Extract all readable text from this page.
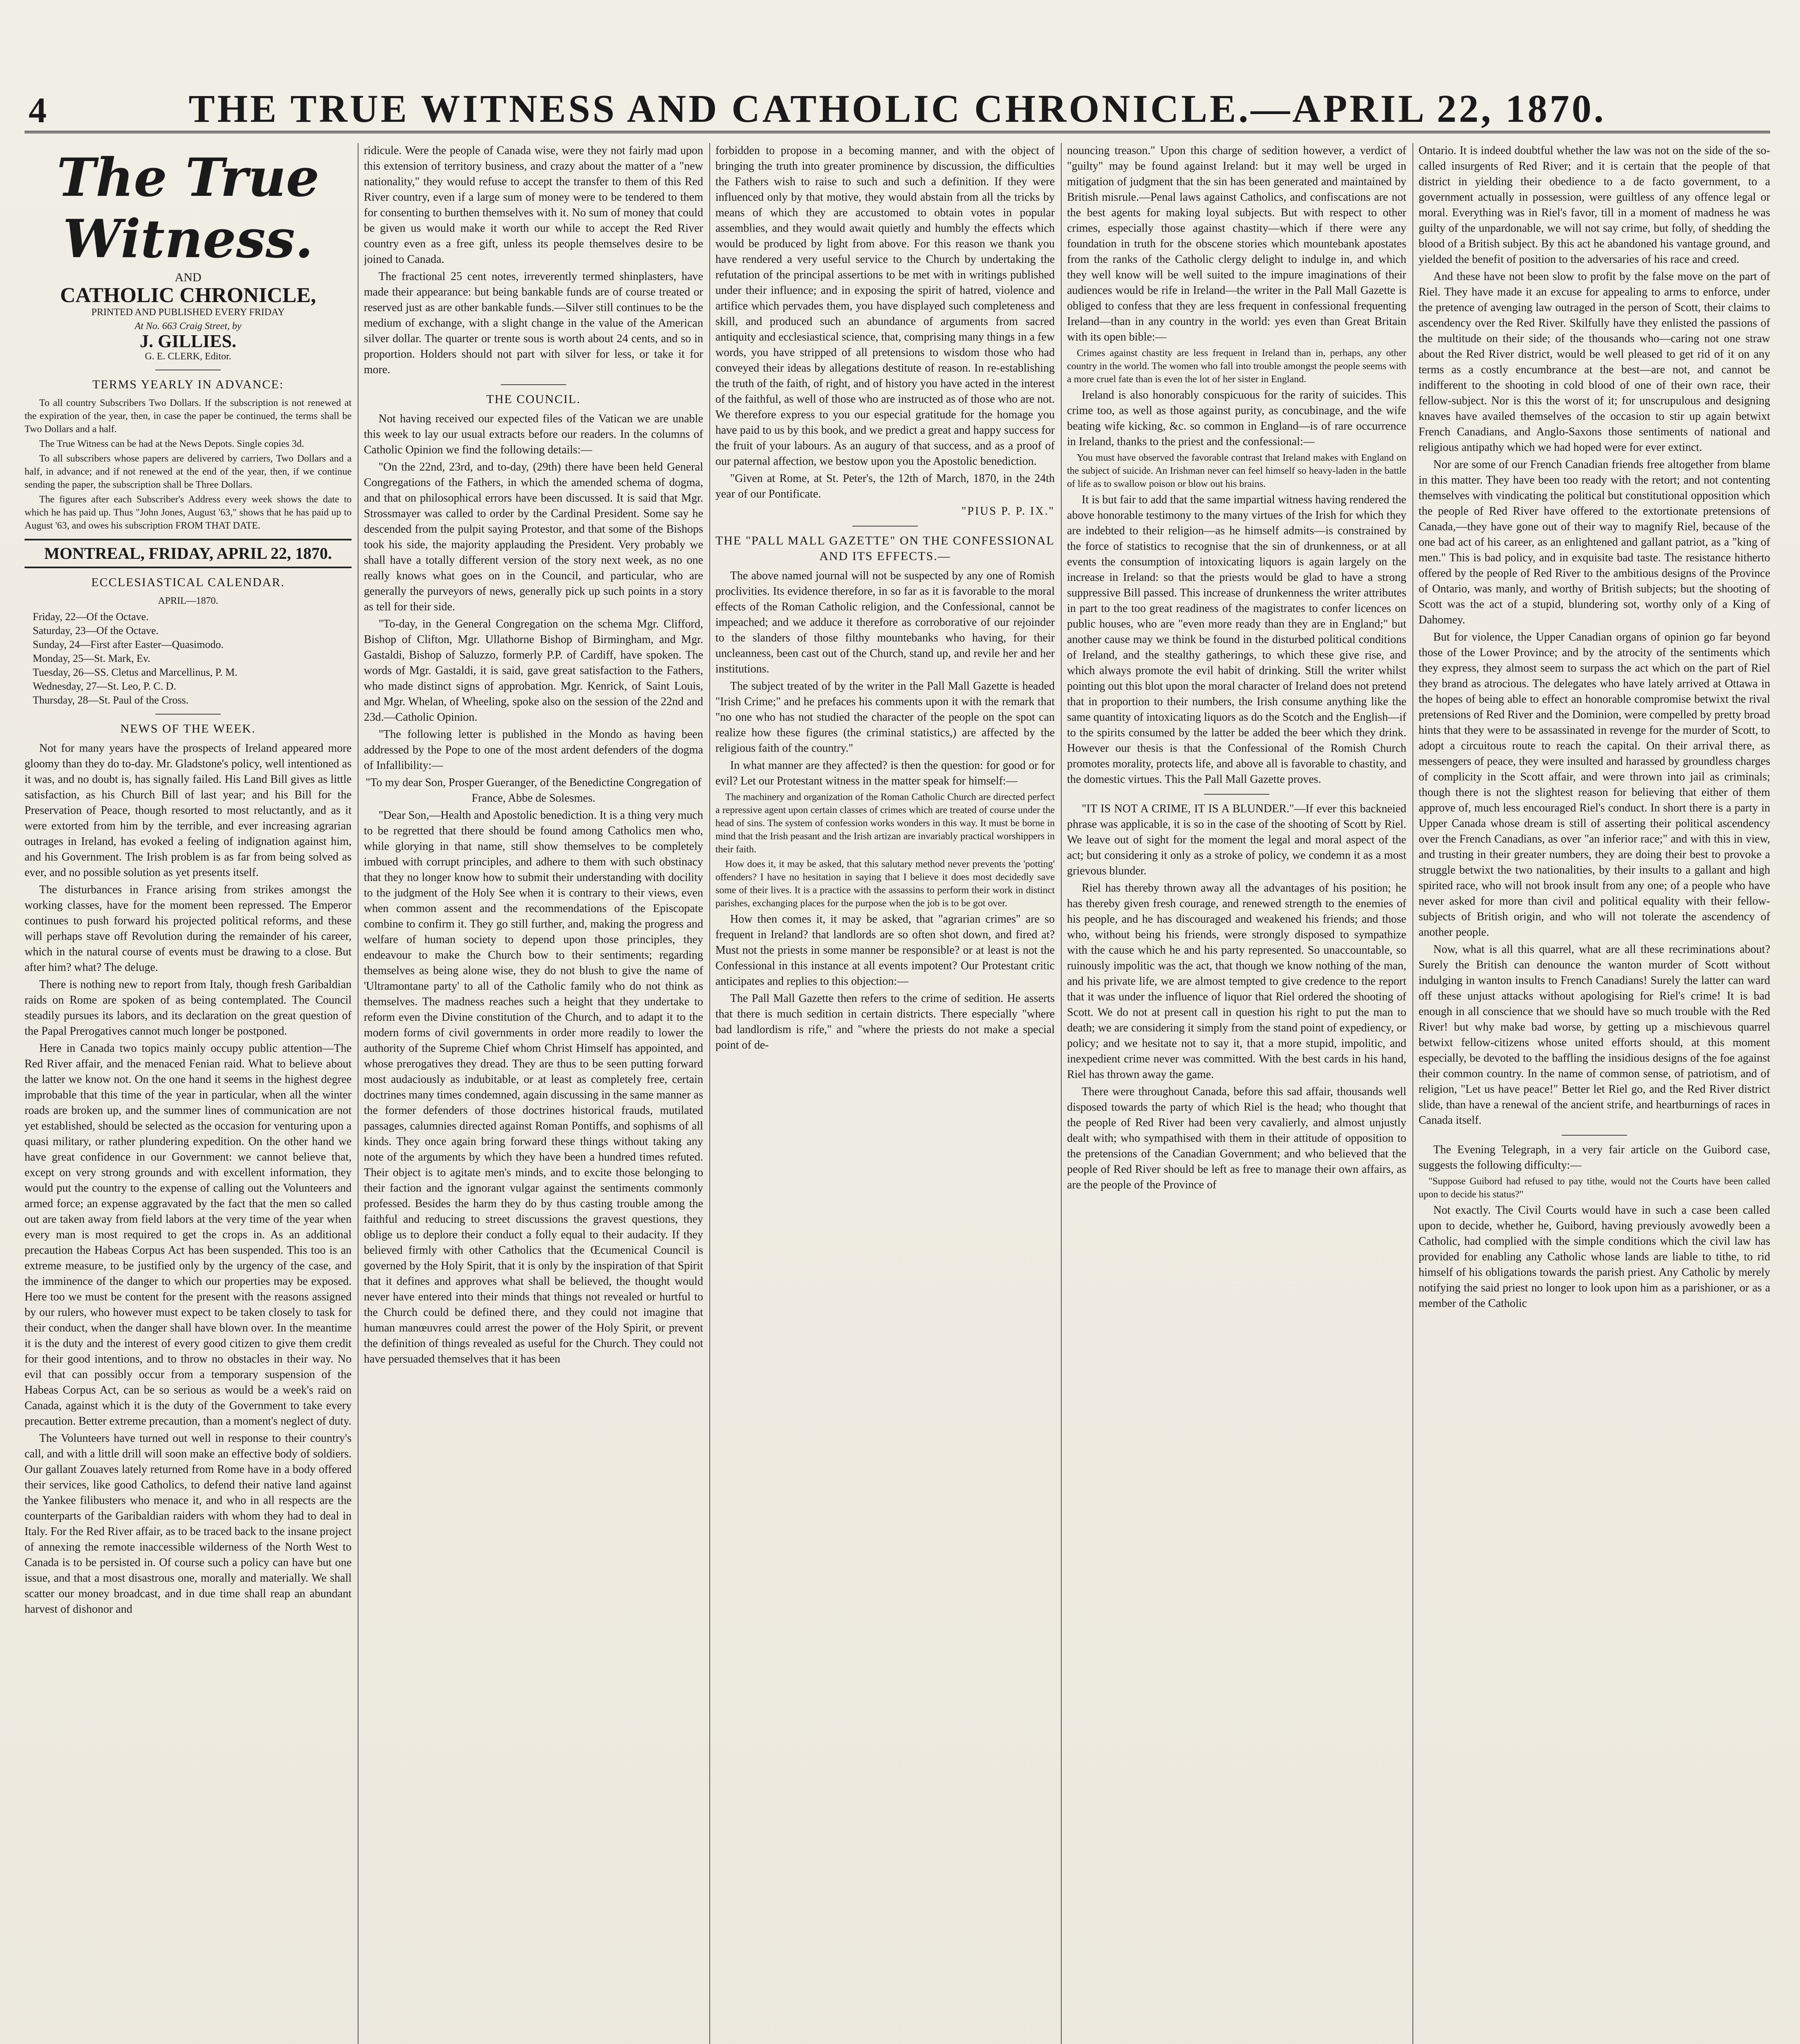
4	THE TRUE WITNESS AND CATHOLIC CHRONICLE.—APRIL 22, 1870.
The True Witness.
AND
CATHOLIC CHRONICLE,

PRINTED AND PUBLISHED EVERY FRIDAY

At No. 663 Craig Street, by

J. GILLIES.

G. E. CLERK, Editor.

TERMS YEARLY IN ADVANCE:

To all country Subscribers Two Dollars. If the subscription is not renewed at the expiration of the year, then, in case the paper be continued, the terms shall be Two Dollars and a half.

The True Witness can be had at the News Depots. Single copies 3d.

To all subscribers whose papers are delivered by carriers, Two Dollars and a half, in advance; and if not renewed at the end of the year, then, if we continue sending the paper, the subscription shall be Three Dollars.

The figures after each Subscriber's Address every week shows the date to which he has paid up. Thus "John Jones, August '63," shows that he has paid up to August '63, and owes his subscription FROM THAT DATE.

MONTREAL, FRIDAY, APRIL 22, 1870.
ECCLESIASTICAL CALENDAR.

APRIL—1870.

Friday, 22—Of the Octave.
Saturday, 23—Of the Octave.
Sunday, 24—First after Easter—Quasimodo.
Monday, 25—St. Mark, Ev.
Tuesday, 26—SS. Cletus and Marcellinus, P. M.
Wednesday, 27—St. Leo, P. C. D.
Thursday, 28—St. Paul of the Cross.
NEWS OF THE WEEK.

Not for many years have the prospects of Ireland appeared more gloomy than they do to-day. Mr. Gladstone's policy, well intentioned as it was, and no doubt is, has signally failed. His Land Bill gives as little satisfaction, as his Church Bill of last year; and his Bill for the Preservation of Peace, though resorted to most reluctantly, and as it were extorted from him by the terrible, and ever increasing agrarian outrages in Ireland, has evoked a feeling of indignation against him, and his Government. The Irish problem is as far from being solved as ever, and no possible solution as yet presents itself.

The disturbances in France arising from strikes amongst the working classes, have for the moment been repressed. The Emperor continues to push forward his projected political reforms, and these will perhaps stave off Revolution during the remainder of his career, which in the natural course of events must be drawing to a close. But after him? what? The deluge.

There is nothing new to report from Italy, though fresh Garibaldian raids on Rome are spoken of as being contemplated. The Council steadily pursues its labors, and its declaration on the great question of the Papal Prerogatives cannot much longer be postponed.

Here in Canada two topics mainly occupy public attention—The Red River affair, and the menaced Fenian raid. What to believe about the latter we know not. On the one hand it seems in the highest degree improbable that this time of the year in particular, when all the winter roads are broken up, and the summer lines of communication are not yet established, should be selected as the occasion for venturing upon a quasi military, or rather plundering expedition. On the other hand we have great confidence in our Government: we cannot believe that, except on very strong grounds and with excellent information, they would put the country to the expense of calling out the Volunteers and armed force; an expense aggravated by the fact that the men so called out are taken away from field labors at the very time of the year when every man is most required to get the crops in. As an additional precaution the Habeas Corpus Act has been suspended. This too is an extreme measure, to be justified only by the urgency of the case, and the imminence of the danger to which our properties may be exposed. Here too we must be content for the present with the reasons assigned by our rulers, who however must expect to be taken closely to task for their conduct, when the danger shall have blown over. In the meantime it is the duty and the interest of every good citizen to give them credit for their good intentions, and to throw no obstacles in their way. No evil that can possibly occur from a temporary suspension of the Habeas Corpus Act, can be so serious as would be a week's raid on Canada, against which it is the duty of the Government to take every precaution. Better extreme precaution, than a moment's neglect of duty.

The Volunteers have turned out well in response to their country's call, and with a little drill will soon make an effective body of soldiers. Our gallant Zouaves lately returned from Rome have in a body offered their services, like good Catholics, to defend their native land against the Yankee filibusters who menace it, and who in all respects are the counterparts of the Garibaldian raiders with whom they had to deal in Italy. For the Red River affair, as to be traced back to the insane project of annexing the remote inaccessible wilderness of the North West to Canada is to be persisted in. Of course such a policy can have but one issue, and that a most disastrous one, morally and materially. We shall scatter our money broadcast, and in due time shall reap an abundant harvest of dishonor and

ridicule. Were the people of Canada wise, were they not fairly mad upon this extension of territory business, and crazy about the matter of a "new nationality," they would refuse to accept the transfer to them of this Red River country, even if a large sum of money were to be tendered to them for consenting to burthen themselves with it. No sum of money that could be given us would make it worth our while to accept the Red River country even as a free gift, unless its people themselves desire to be joined to Canada.

The fractional 25 cent notes, irreverently termed shinplasters, have made their appearance: but being bankable funds are of course treated or reserved just as are other bankable funds.—Silver still continues to be the medium of exchange, with a slight change in the value of the American silver dollar. The quarter or trente sous is worth about 24 cents, and so in proportion. Holders should not part with silver for less, or take it for more.

THE COUNCIL.

Not having received our expected files of the Vatican we are unable this week to lay our usual extracts before our readers. In the columns of Catholic Opinion we find the following details:—

"On the 22nd, 23rd, and to-day, (29th) there have been held General Congregations of the Fathers, in which the amended schema of dogma, and that on philosophical errors have been discussed. It is said that Mgr. Strossmayer was called to order by the Cardinal President. Some say he descended from the pulpit saying Protestor, and that some of the Bishops took his side, the majority applauding the President. Very probably we shall have a totally different version of the story next week, as no one really knows what goes on in the Council, and particular, who are generally the purveyors of news, generally pick up such points in a story as tell for their side.

"To-day, in the General Congregation on the schema Mgr. Clifford, Bishop of Clifton, Mgr. Ullathorne Bishop of Birmingham, and Mgr. Gastaldi, Bishop of Saluzzo, formerly P.P. of Cardiff, have spoken. The words of Mgr. Gastaldi, it is said, gave great satisfaction to the Fathers, who made distinct signs of approbation. Mgr. Kenrick, of Saint Louis, and Mgr. Whelan, of Wheeling, spoke also on the session of the 22nd and 23d.—Catholic Opinion.

"The following letter is published in the Mondo as having been addressed by the Pope to one of the most ardent defenders of the dogma of Infallibility:—

"To my dear Son, Prosper Gueranger, of the Benedictine Congregation of France, Abbe de Solesmes.

"Dear Son,—Health and Apostolic benediction. It is a thing very much to be regretted that there should be found among Catholics men who, while glorying in that name, still show themselves to be completely imbued with corrupt principles, and adhere to them with such obstinacy that they no longer know how to submit their understanding with docility to the judgment of the Holy See when it is contrary to their views, even when common assent and the recommendations of the Episcopate combine to confirm it. They go still further, and, making the progress and welfare of human society to depend upon those principles, they endeavour to make the Church bow to their sentiments; regarding themselves as being alone wise, they do not blush to give the name of 'Ultramontane party' to all of the Catholic family who do not think as themselves. The madness reaches such a height that they undertake to reform even the Divine constitution of the Church, and to adapt it to the modern forms of civil governments in order more readily to lower the authority of the Supreme Chief whom Christ Himself has appointed, and whose prerogatives they dread. They are thus to be seen putting forward most audaciously as indubitable, or at least as completely free, certain doctrines many times condemned, again discussing in the same manner as the former defenders of those doctrines historical frauds, mutilated passages, calumnies directed against Roman Pontiffs, and sophisms of all kinds. They once again bring forward these things without taking any note of the arguments by which they have been a hundred times refuted. Their object is to agitate men's minds, and to excite those belonging to their faction and the ignorant vulgar against the sentiments commonly professed. Besides the harm they do by thus casting trouble among the faithful and reducing to street discussions the gravest questions, they oblige us to deplore their conduct a folly equal to their audacity. If they believed firmly with other Catholics that the Œcumenical Council is governed by the Holy Spirit, that it is only by the inspiration of that Spirit that it defines and approves what shall be believed, the thought would never have entered into their minds that things not revealed or hurtful to the Church could be defined there, and they could not imagine that human manœuvres could arrest the power of the Holy Spirit, or prevent the definition of things revealed as useful for the Church. They could not have persuaded themselves that it has been

forbidden to propose in a becoming manner, and with the object of bringing the truth into greater prominence by discussion, the difficulties the Fathers wish to raise to such and such a definition. If they were influenced only by that motive, they would abstain from all the tricks by means of which they are accustomed to obtain votes in popular assemblies, and they would await quietly and humbly the effects which would be produced by light from above. For this reason we thank you have rendered a very useful service to the Church by undertaking the refutation of the principal assertions to be met with in writings published under their influence; and in exposing the spirit of hatred, violence and artifice which pervades them, you have displayed such completeness and skill, and produced such an abundance of arguments from sacred antiquity and ecclesiastical science, that, comprising many things in a few words, you have stripped of all pretensions to wisdom those who had conveyed their ideas by allegations destitute of reason. In re-establishing the truth of the faith, of right, and of history you have acted in the interest of the faithful, as well of those who are instructed as of those who are not. We therefore express to you our especial gratitude for the homage you have paid to us by this book, and we predict a great and happy success for the fruit of your labours. As an augury of that success, and as a proof of our paternal affection, we bestow upon you the Apostolic benediction.

"Given at Rome, at St. Peter's, the 12th of March, 1870, in the 24th year of our Pontificate.

"PIUS P. P. IX."

THE "PALL MALL GAZETTE" ON THE CONFESSIONAL AND ITS EFFECTS.—

The above named journal will not be suspected by any one of Romish proclivities. Its evidence therefore, in so far as it is favorable to the moral effects of the Roman Catholic religion, and the Confessional, cannot be impeached; and we adduce it therefore as corroborative of our rejoinder to the slanders of those filthy mountebanks who having, for their uncleanness, been cast out of the Church, stand up, and revile her and her institutions.

The subject treated of by the writer in the Pall Mall Gazette is headed "Irish Crime;" and he prefaces his comments upon it with the remark that "no one who has not studied the character of the people on the spot can realize how these figures (the criminal statistics,) are affected by the religious faith of the country."

In what manner are they affected? is then the question: for good or for evil? Let our Protestant witness in the matter speak for himself:—

The machinery and organization of the Roman Catholic Church are directed perfect a repressive agent upon certain classes of crimes which are treated of course under the head of sins. The system of confession works wonders in this way. It must be borne in mind that the Irish peasant and the Irish artizan are invariably practical worshippers in their faith.

How does it, it may be asked, that this salutary method never prevents the 'potting' offenders? I have no hesitation in saying that I believe it does most decidedly save some of their lives. It is a practice with the assassins to perform their work in distinct parishes, exchanging places for the purpose when the job is to be got over.

How then comes it, it may be asked, that "agrarian crimes" are so frequent in Ireland? that landlords are so often shot down, and fired at? Must not the priests in some manner be responsible? or at least is not the Confessional in this instance at all events impotent? Our Protestant critic anticipates and replies to this objection:—

The Pall Mall Gazette then refers to the crime of sedition. He asserts that there is much sedition in certain districts. There especially "where bad landlordism is rife," and "where the priests do not make a special point of de-

nouncing treason." Upon this charge of sedition however, a verdict of "guilty" may be found against Ireland: but it may well be urged in mitigation of judgment that the sin has been generated and maintained by British misrule.—Penal laws against Catholics, and confiscations are not the best agents for making loyal subjects. But with respect to other crimes, especially those against chastity—which if there were any foundation in truth for the obscene stories which mountebank apostates from the ranks of the Catholic clergy delight to indulge in, and which they well know will be well suited to the impure imaginations of their audiences would be rife in Ireland—the writer in the Pall Mall Gazette is obliged to confess that they are less frequent in confessional frequenting Ireland—than in any country in the world: yes even than Great Britain with its open bible:—

Crimes against chastity are less frequent in Ireland than in, perhaps, any other country in the world. The women who fall into trouble amongst the people seems with a more cruel fate than is even the lot of her sister in England.

Ireland is also honorably conspicuous for the rarity of suicides. This crime too, as well as those against purity, as concubinage, and the wife beating wife kicking, &c. so common in England—is of rare occurrence in Ireland, thanks to the priest and the confessional:—

You must have observed the favorable contrast that Ireland makes with England on the subject of suicide. An Irishman never can feel himself so heavy-laden in the battle of life as to swallow poison or blow out his brains.

It is but fair to add that the same impartial witness having rendered the above honorable testimony to the many virtues of the Irish for which they are indebted to their religion—as he himself admits—is constrained by the force of statistics to recognise that the sin of drunkenness, or at all events the consumption of intoxicating liquors is again largely on the increase in Ireland: so that the priests would be glad to have a strong suppressive Bill passed. This increase of drunkenness the writer attributes in part to the too great readiness of the magistrates to confer licences on public houses, who are "even more ready than they are in England;" but another cause may we think be found in the disturbed political conditions of Ireland, and the stealthy gatherings, to which these give rise, and which always promote the evil habit of drinking. Still the writer whilst pointing out this blot upon the moral character of Ireland does not pretend that in proportion to their numbers, the Irish consume anything like the same quantity of intoxicating liquors as do the Scotch and the English—if to the spirits consumed by the latter be added the beer which they drink. However our thesis is that the Confessional of the Romish Church promotes morality, protects life, and above all is favorable to chastity, and the domestic virtues. This the Pall Mall Gazette proves.

"IT IS NOT A CRIME, IT IS A BLUNDER."—If ever this backneied phrase was applicable, it is so in the case of the shooting of Scott by Riel. We leave out of sight for the moment the legal and moral aspect of the act; but considering it only as a stroke of policy, we condemn it as a most grievous blunder.

Riel has thereby thrown away all the advantages of his position; he has thereby given fresh courage, and renewed strength to the enemies of his people, and he has discouraged and weakened his friends; and those who, without being his friends, were strongly disposed to sympathize with the cause which he and his party represented. So unaccountable, so ruinously impolitic was the act, that though we know nothing of the man, and his private life, we are almost tempted to give credence to the report that it was under the influence of liquor that Riel ordered the shooting of Scott. We do not at present call in question his right to put the man to death; we are considering it simply from the stand point of expediency, or policy; and we hesitate not to say it, that a more stupid, impolitic, and inexpedient crime never was committed. With the best cards in his hand, Riel has thrown away the game.

There were throughout Canada, before this sad affair, thousands well disposed towards the party of which Riel is the head; who thought that the people of Red River had been very cavalierly, and almost unjustly dealt with; who sympathised with them in their attitude of opposition to the pretensions of the Canadian Government; and who believed that the people of Red River should be left as free to manage their own affairs, as are the people of the Province of

Ontario. It is indeed doubtful whether the law was not on the side of the so-called insurgents of Red River; and it is certain that the people of that district in yielding their obedience to a de facto government, to a government actually in possession, were guiltless of any offence legal or moral. Everything was in Riel's favor, till in a moment of madness he was guilty of the unpardonable, we will not say crime, but folly, of shedding the blood of a British subject. By this act he abandoned his vantage ground, and yielded the benefit of position to the adversaries of his race and creed.

And these have not been slow to profit by the false move on the part of Riel. They have made it an excuse for appealing to arms to enforce, under the pretence of avenging law outraged in the person of Scott, their claims to ascendency over the Red River. Skilfully have they enlisted the passions of the multitude on their side; of the thousands who—caring not one straw about the Red River district, would be well pleased to get rid of it on any terms as a costly encumbrance at the best—are not, and cannot be indifferent to the shooting in cold blood of one of their own race, their fellow-subject. Nor is this the worst of it; for unscrupulous and designing knaves have availed themselves of the occasion to stir up again betwixt French Canadians, and Anglo-Saxons those sentiments of national and religious antipathy which we had hoped were for ever extinct.

Nor are some of our French Canadian friends free altogether from blame in this matter. They have been too ready with the retort; and not contenting themselves with vindicating the political but constitutional opposition which the people of Red River have offered to the extortionate pretensions of Canada,—they have gone out of their way to magnify Riel, because of the one bad act of his career, as an enlightened and gallant patriot, as a "king of men." This is bad policy, and in exquisite bad taste. The resistance hitherto offered by the people of Red River to the ambitious designs of the Province of Ontario, was manly, and worthy of British subjects; but the shooting of Scott was the act of a stupid, blundering sot, worthy only of a King of Dahomey.

But for violence, the Upper Canadian organs of opinion go far beyond those of the Lower Province; and by the atrocity of the sentiments which they express, they almost seem to surpass the act which on the part of Riel they brand as atrocious. The delegates who have lately arrived at Ottawa in the hopes of being able to effect an honorable compromise betwixt the rival pretensions of Red River and the Dominion, were compelled by pretty broad hints that they were to be assassinated in revenge for the murder of Scott, to adopt a circuitous route to reach the capital. On their arrival there, as messengers of peace, they were insulted and harassed by groundless charges of complicity in the Scott affair, and were thrown into jail as criminals; though there is not the slightest reason for believing that either of them approve of, much less encouraged Riel's conduct. In short there is a party in Upper Canada whose dream is still of asserting their political ascendency over the French Canadians, as over "an inferior race;" and with this in view, and trusting in their greater numbers, they are doing their best to provoke a struggle betwixt the two nationalities, by their insults to a gallant and high spirited race, who will not brook insult from any one; of a people who have never asked for more than civil and political equality with their fellow-subjects of British origin, and who will not tolerate the ascendency of another people.

Now, what is all this quarrel, what are all these recriminations about? Surely the British can denounce the wanton murder of Scott without indulging in wanton insults to French Canadians! Surely the latter can ward off these unjust attacks without apologising for Riel's crime! It is bad enough in all conscience that we should have so much trouble with the Red River! but why make bad worse, by getting up a mischievous quarrel betwixt fellow-citizens whose united efforts should, at this moment especially, be devoted to the baffling the insidious designs of the foe against their common country. In the name of common sense, of patriotism, and of religion, "Let us have peace!" Better let Riel go, and the Red River district slide, than have a renewal of the ancient strife, and heartburnings of races in Canada itself.

The Evening Telegraph, in a very fair article on the Guibord case, suggests the following difficulty:—

"Suppose Guibord had refused to pay tithe, would not the Courts have been called upon to decide his status?"

Not exactly. The Civil Courts would have in such a case been called upon to decide, whether he, Guibord, having previously avowedly been a Catholic, had complied with the simple conditions which the civil law has provided for enabling any Catholic whose lands are liable to tithe, to rid himself of his obligations towards the parish priest. Any Catholic by merely notifying the said priest no longer to look upon him as a parishioner, or as a member of the Catholic
